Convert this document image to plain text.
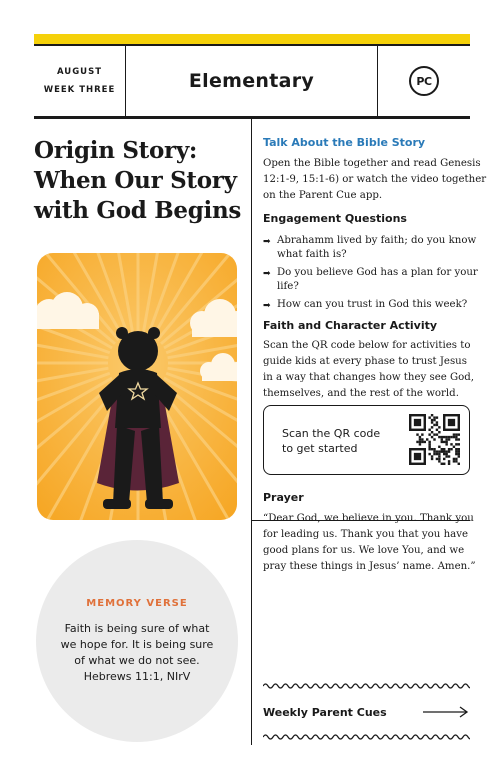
AUGUST
WEEK THREE	Elementary	PC
Origin Story:
When Our Story
with God Begins
MEMORY VERSE
Faith is being sure of what
we hope for. It is being sure
of what we do not see.
Hebrews 11:1, NIrV
Talk About the Bible Story
Open the Bible together and read Genesis
12:1-9, 15:1-6) or watch the video together
on the Parent Cue app.
Engagement Questions
➡ Abrahamm lived by faith; do you know
what faith is?
➡ Do you believe God has a plan for your
life?
➡ How can you trust in God this week?
Faith and Character Activity
Scan the QR code below for activities to
guide kids at every phase to trust Jesus
in a way that changes how they see God,
themselves, and the rest of the world.
Scan the QR code
to get started
Prayer
“Dear God, we believe in you. Thank you
for leading us. Thank you that you have
good plans for us. We love You, and we
pray these things in Jesus’ name. Amen.”
Weekly Parent Cues
